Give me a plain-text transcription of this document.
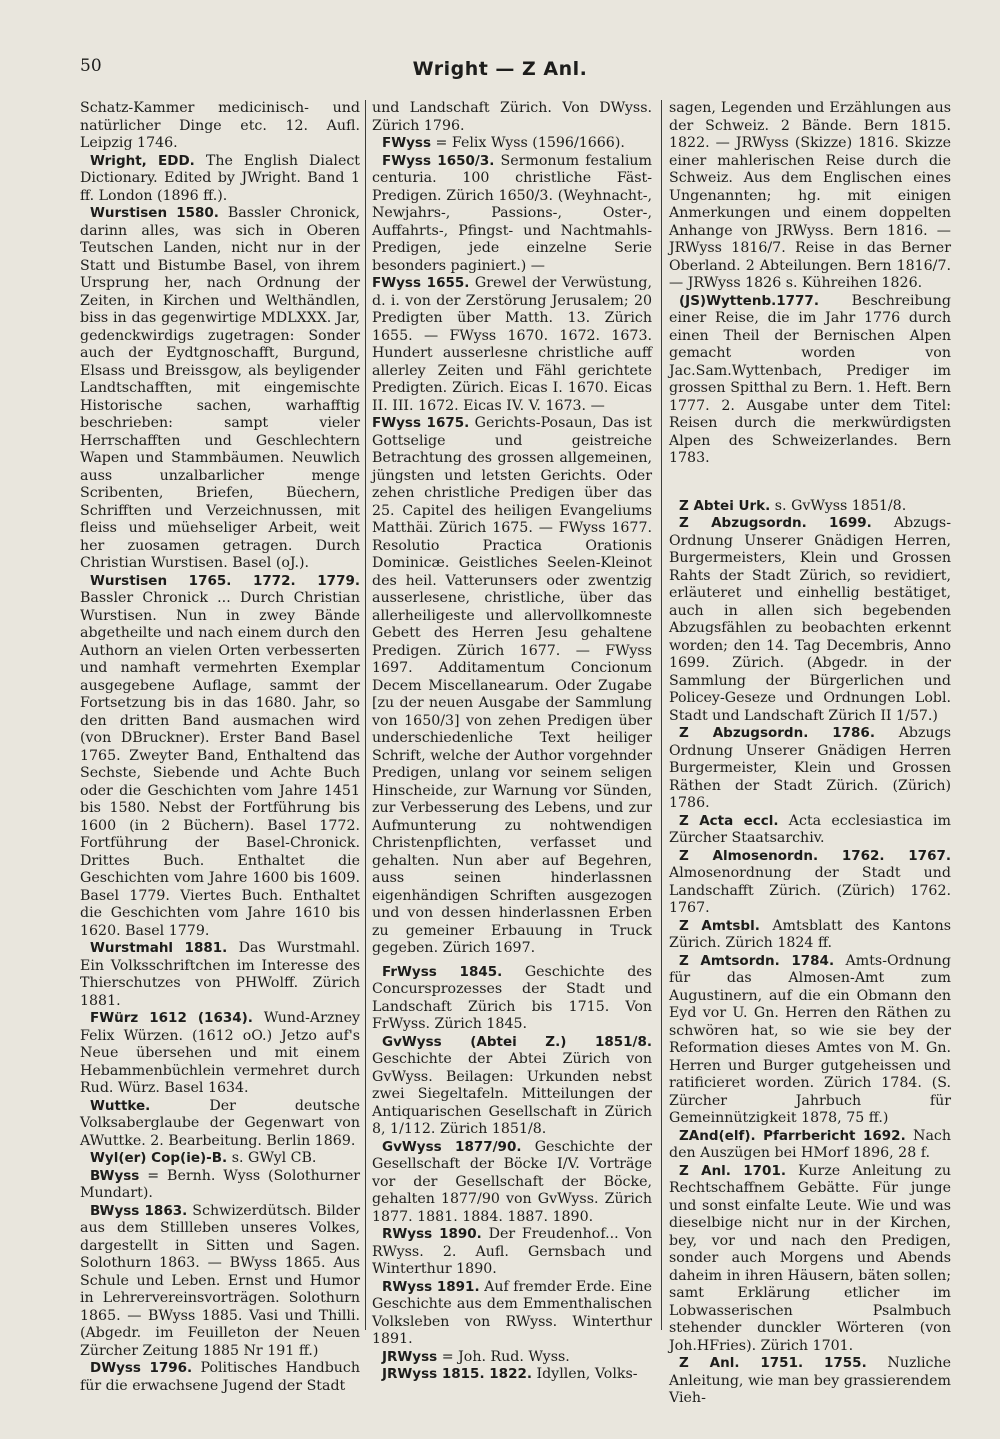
50	Wright — Z Anl.

Schatz-Kammer medicinisch- und natürlicher Dinge etc. 12. Aufl. Leipzig 1746.

Wright, EDD. The English Dialect Dictionary. Edited by JWright. Band 1 ff. London (1896 ff.).

Wurstisen 1580. Bassler Chronick, darinn alles, was sich in Oberen Teutschen Landen, nicht nur in der Statt und Bistumbe Basel, von ihrem Ursprung her, nach Ordnung der Zeiten, in Kirchen und Welthändlen, biss in das gegenwirtige MDLXXX. Jar, gedenckwirdigs zugetragen: Sonder auch der Eydtgnoschafft, Burgund, Elsass und Breissgow, als beyligender Landtschafften, mit eingemischte Historische sachen, warhafftig beschrieben: sampt vieler Herrschafften und Geschlechtern Wapen und Stammbäumen. Neuwlich auss unzalbarlicher menge Scribenten, Briefen, Büechern, Schrifften und Verzeichnussen, mit fleiss und müehseliger Arbeit, weit her zuosamen getragen. Durch Christian Wurstisen. Basel (oJ.).

Wurstisen 1765. 1772. 1779. Bassler Chronick ... Durch Christian Wurstisen. Nun in zwey Bände abgetheilte und nach einem durch den Authorn an vielen Orten verbesserten und namhaft vermehrten Exemplar ausgegebene Auflage, sammt der Fortsetzung bis in das 1680. Jahr, so den dritten Band ausmachen wird (von DBruckner). Erster Band Basel 1765. Zweyter Band, Enthaltend das Sechste, Siebende und Achte Buch oder die Geschichten vom Jahre 1451 bis 1580. Nebst der Fortführung bis 1600 (in 2 Büchern). Basel 1772. Fortführung der Basel-Chronick. Drittes Buch. Enthaltet die Geschichten vom Jahre 1600 bis 1609. Basel 1779. Viertes Buch. Enthaltet die Geschichten vom Jahre 1610 bis 1620. Basel 1779.

Wurstmahl 1881. Das Wurstmahl. Ein Volksschriftchen im Interesse des Thierschutzes von PHWolff. Zürich 1881.

FWürz 1612 (1634). Wund-Arzney Felix Würzen. (1612 oO.) Jetzo auf's Neue übersehen und mit einem Hebammenbüchlein vermehret durch Rud. Würz. Basel 1634.

Wuttke.	Der deutsche Volksaberglaube der Gegenwart von AWuttke. 2. Bearbeitung. Berlin 1869.

Wyl(er) Cop(ie)-B. s. GWyl CB.

BWyss = Bernh. Wyss (Solothurner Mundart).

BWyss 1863. Schwizerdütsch. Bilder aus dem Stillleben unseres Volkes, dargestellt in Sitten und Sagen. Solothurn 1863. — BWyss 1865. Aus Schule und Leben. Ernst und Humor in Lehrervereinsvorträgen. Solothurn 1865. — BWyss 1885. Vasi und Thilli. (Abgedr. im Feuilleton der Neuen Zürcher Zeitung 1885 Nr 191 ff.)

DWyss 1796. Politisches Handbuch für die erwachsene Jugend der Stadt

und Landschaft Zürich. Von DWyss. Zürich 1796.

FWyss = Felix Wyss (1596/1666).

FWyss 1650/3. Sermonum festalium centuria. 100 christliche Fäst-Predigen. Zürich 1650/3. (Weyhnacht-, Newjahrs-, Passions-, Oster-, Auffahrts-, Pfingst- und Nachtmahls-Predigen, jede einzelne Serie besonders paginiert.) —

FWyss 1655. Grewel der Verwüstung, d. i. von der Zerstörung Jerusalem; 20 Predigten über Matth. 13. Zürich 1655. — FWyss 1670. 1672. 1673. Hundert ausserlesne christliche auff allerley Zeiten und Fähl gerichtete Predigten. Zürich. Eicas I. 1670. Eicas II. III. 1672. Eicas IV. V. 1673. —

FWyss 1675. Gerichts-Posaun, Das ist Gottselige und geistreiche Betrachtung des grossen allgemeinen, jüngsten und letsten Gerichts. Oder zehen christliche Predigen über das 25. Capitel des heiligen Evangeliums Matthäi. Zürich 1675. — FWyss 1677. Resolutio Practica Orationis Dominicæ. Geistliches Seelen-Kleinot des heil. Vatterunsers oder zwentzig ausserlesene, christliche, über das allerheiligeste und allervollkomneste Gebett des Herren Jesu gehaltene Predigen. Zürich 1677. — FWyss 1697. Additamentum Concionum Decem Miscellanearum. Oder Zugabe [zu der neuen Ausgabe der Sammlung von 1650/3] von zehen Predigen über underschiedenliche Text heiliger Schrift, welche der Author vorgehnder Predigen, unlang vor seinem seligen Hinscheide, zur Warnung vor Sünden, zur Verbesserung des Lebens, und zur Aufmunterung zu nohtwendigen Christenpflichten, verfasset und gehalten. Nun aber auf Begehren, auss seinen hinderlassnen eigenhändigen Schriften ausgezogen und von dessen hinderlassnen Erben zu gemeiner Erbauung in Truck gegeben. Zürich 1697.

FrWyss 1845. Geschichte des Concursprozesses der Stadt und Landschaft Zürich bis 1715. Von FrWyss. Zürich 1845.

GvWyss (Abtei Z.) 1851/8. Geschichte der Abtei Zürich von GvWyss. Beilagen: Urkunden nebst zwei Siegeltafeln. Mitteilungen der Antiquarischen Gesellschaft in Zürich 8, 1/112. Zürich 1851/8.

GvWyss 1877/90. Geschichte der Gesellschaft der Böcke I/V. Vorträge vor der Gesellschaft der Böcke, gehalten 1877/90 von GvWyss. Zürich 1877. 1881. 1884. 1887. 1890.

RWyss 1890. Der Freudenhof... Von RWyss. 2. Aufl. Gernsbach und Winterthur 1890.

RWyss 1891. Auf fremder Erde. Eine Geschichte aus dem Emmenthalischen Volksleben von RWyss. Winterthur 1891.

JRWyss = Joh. Rud. Wyss.

JRWyss 1815. 1822. Idyllen, Volks-

sagen, Legenden und Erzählungen aus der Schweiz. 2 Bände. Bern 1815. 1822. — JRWyss (Skizze) 1816. Skizze einer mahlerischen Reise durch die Schweiz. Aus dem Englischen eines Ungenannten; hg. mit einigen Anmerkungen und einem doppelten Anhange von JRWyss. Bern 1816. — JRWyss 1816/7. Reise in das Berner Oberland. 2 Abteilungen. Bern 1816/7. — JRWyss 1826 s. Kühreihen 1826.

(JS)Wyttenb.1777. Beschreibung einer Reise, die im Jahr 1776 durch einen Theil der Bernischen Alpen gemacht worden von Jac.Sam.Wyttenbach, Prediger im grossen Spitthal zu Bern. 1. Heft. Bern 1777. 2. Ausgabe unter dem Titel: Reisen durch die merkwürdigsten Alpen des Schweizerlandes. Bern 1783.

Z Abtei Urk. s. GvWyss 1851/8.

Z Abzugsordn. 1699. Abzugs-Ordnung Unserer Gnädigen Herren, Burgermeisters, Klein und Grossen Rahts der Stadt Zürich, so revidiert, erläuteret und einhellig bestätiget, auch in allen sich begebenden Abzugsfählen zu beobachten erkennt worden; den 14. Tag Decembris, Anno 1699. Zürich. (Abgedr. in der Sammlung der Bürgerlichen und Policey-Geseze und Ordnungen Lobl. Stadt und Landschaft Zürich II 1/57.)

Z Abzugsordn. 1786. Abzugs Ordnung Unserer Gnädigen Herren Burgermeister, Klein und Grossen Räthen der Stadt Zürich. (Zürich) 1786.

Z Acta eccl. Acta ecclesiastica im Zürcher Staatsarchiv.

Z Almosenordn. 1762. 1767. Almosenordnung der Stadt und Landschafft Zürich. (Zürich) 1762. 1767.

Z Amtsbl. Amtsblatt des Kantons Zürich. Zürich 1824 ff.

Z Amtsordn. 1784. Amts-Ordnung für das Almosen-Amt zum Augustinern, auf die ein Obmann den Eyd vor U. Gn. Herren den Räthen zu schwören hat, so wie sie bey der Reformation dieses Amtes von M. Gn. Herren und Burger gutgeheissen und ratificieret worden. Zürich 1784. (S. Zürcher Jahrbuch für Gemeinnützigkeit 1878, 75 ff.)

ZAnd(elf). Pfarrbericht 1692. Nach den Auszügen bei HMorf 1896, 28 f.

Z Anl. 1701. Kurze Anleitung zu Rechtschaffnem Gebätte. Für junge und sonst einfalte Leute. Wie und was dieselbige nicht nur in der Kirchen, bey, vor und nach den Predigen, sonder auch Morgens und Abends daheim in ihren Häusern, bäten sollen; samt Erklärung etlicher im Lobwasserischen Psalmbuch stehender dunckler Wörteren (von Joh.HFries). Zürich 1701.

Z Anl. 1751. 1755. Nuzliche Anleitung, wie man bey grassierendem Vieh-
